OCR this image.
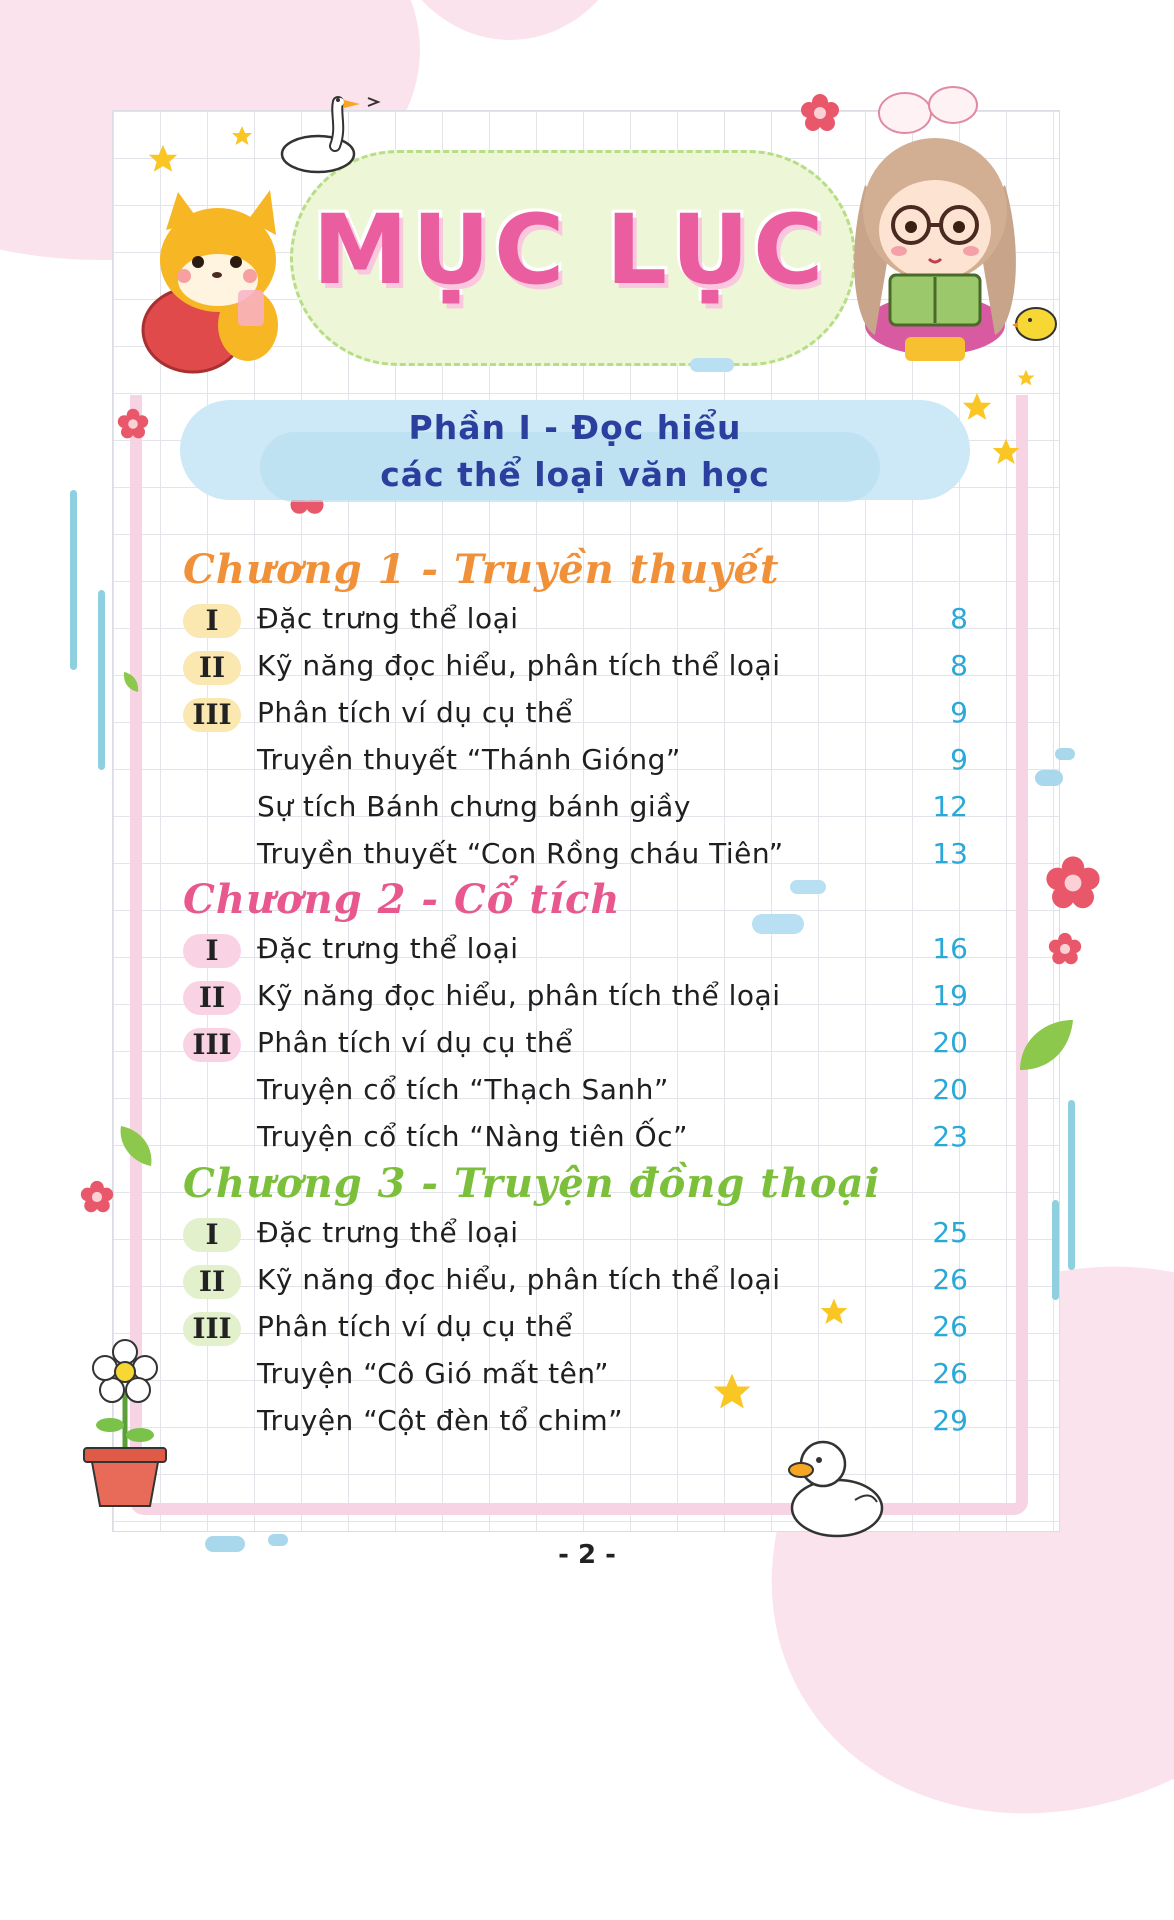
MỤC LỤC
Phần I - Đọc hiểu
các thể loại văn học
Chương 1 - Truyền thuyết
I	Đặc trưng thể loại	8
II	Kỹ năng đọc hiểu, phân tích thể loại	8
III Phân tích ví dụ cụ thể	9
Truyền thuyết “Thánh Gióng”	9
Sự tích Bánh chưng bánh giầy	12
Truyền thuyết “Con Rồng cháu Tiên”	13
Chương 2 - Cổ tích
I	Đặc trưng thể loại	16
II	Kỹ năng đọc hiểu, phân tích thể loại	19
III Phân tích ví dụ cụ thể	20
Truyện cổ tích “Thạch Sanh”	20
Truyện cổ tích “Nàng tiên Ốc”	23
Chương 3 - Truyện đồng thoại
I	Đặc trưng thể loại	25
II	Kỹ năng đọc hiểu, phân tích thể loại	26
III Phân tích ví dụ cụ thể	26
Truyện “Cô Gió mất tên”	26
Truyện “Cột đèn tổ chim”	29
- 2 -
